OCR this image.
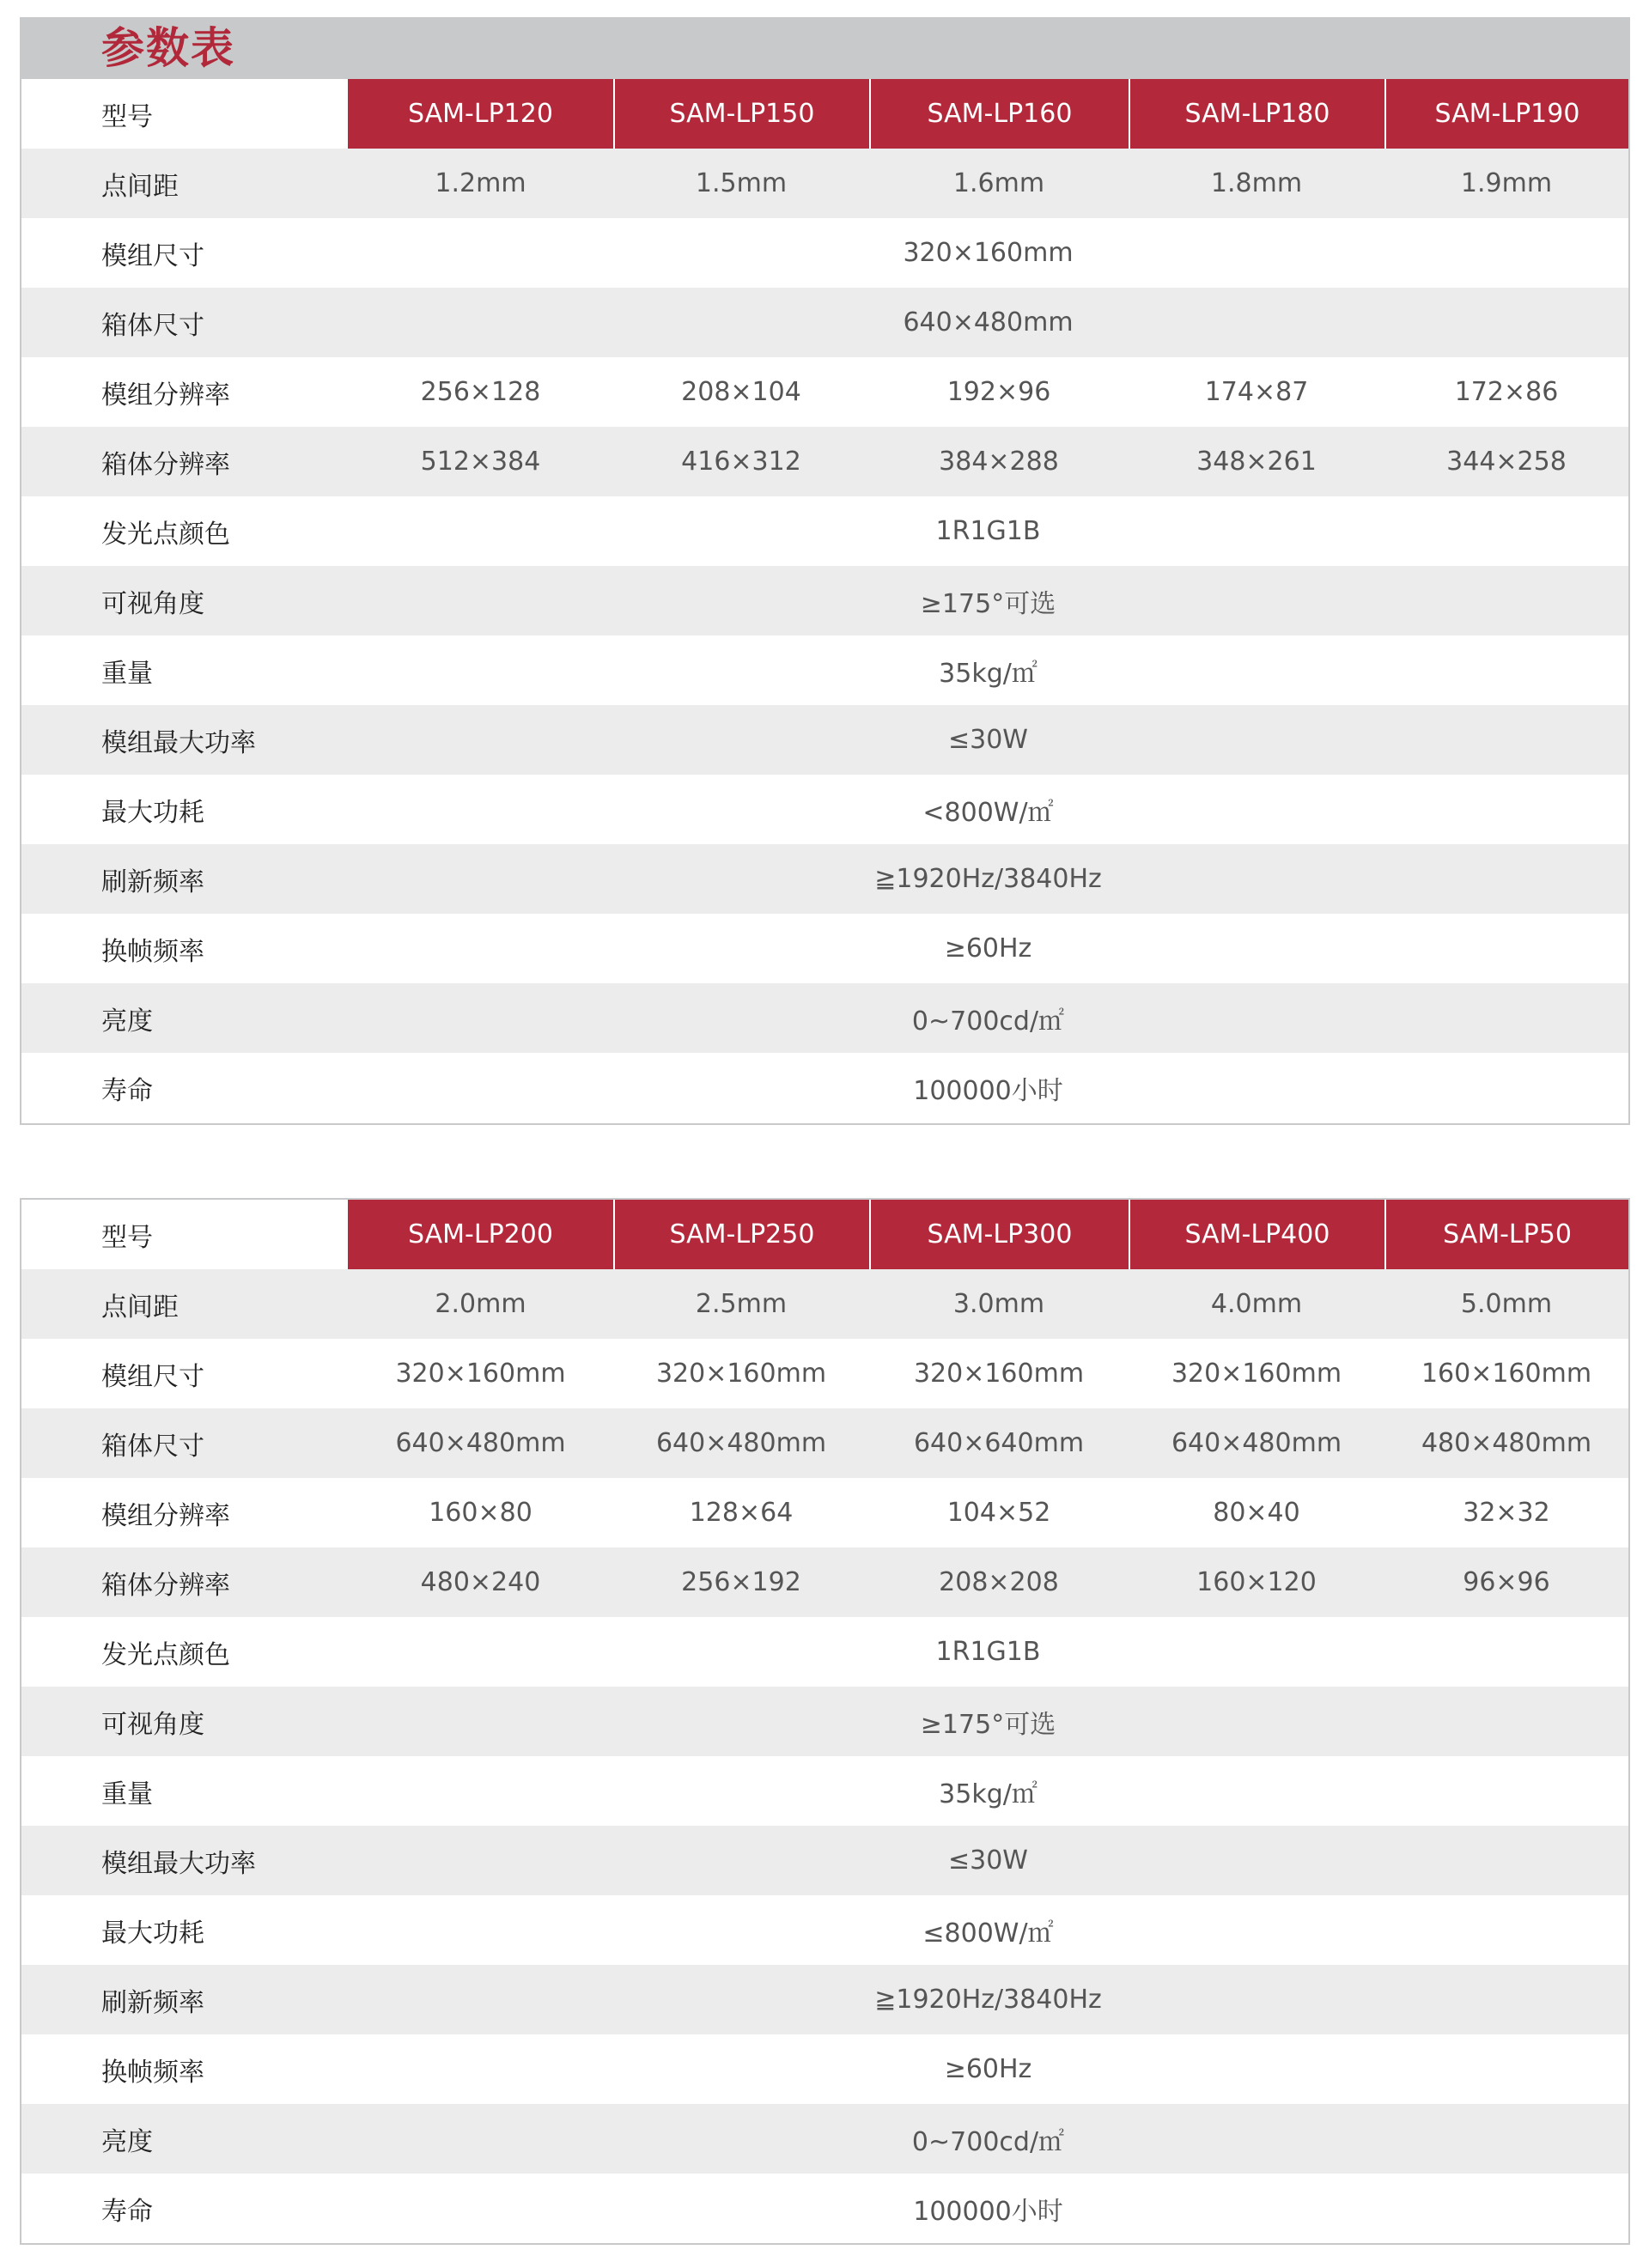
参数表
型号	SAM-LP120	SAM-LP150	SAM-LP160	SAM-LP180	SAM-LP190
点间距	1.2mm	1.5mm	1.6mm	1.8mm	1.9mm
模组尺寸	320×160mm
箱体尺寸	640×480mm
模组分辨率	256×128	208×104	192×96	174×87	172×86
箱体分辨率	512×384	416×312	384×288	348×261	344×258
发光点颜色	1R1G1B
可视角度	≥175°可选
重量	35kg/㎡
模组最大功率	≤30W
最大功耗	<800W/㎡
刷新频率	≧1920Hz/3840Hz
换帧频率	≥60Hz
亮度	0~700cd/㎡
寿命	100000小时
型号	SAM-LP200	SAM-LP250	SAM-LP300	SAM-LP400	SAM-LP50
点间距	2.0mm	2.5mm	3.0mm	4.0mm	5.0mm
模组尺寸	320×160mm	320×160mm	320×160mm	320×160mm	160×160mm
箱体尺寸	640×480mm	640×480mm	640×640mm	640×480mm	480×480mm
模组分辨率	160×80	128×64	104×52	80×40	32×32
箱体分辨率	480×240	256×192	208×208	160×120	96×96
发光点颜色	1R1G1B
可视角度	≥175°可选
重量	35kg/㎡
模组最大功率	≤30W
最大功耗	≤800W/㎡
刷新频率	≧1920Hz/3840Hz
换帧频率	≥60Hz
亮度	0~700cd/㎡
寿命	100000小时
